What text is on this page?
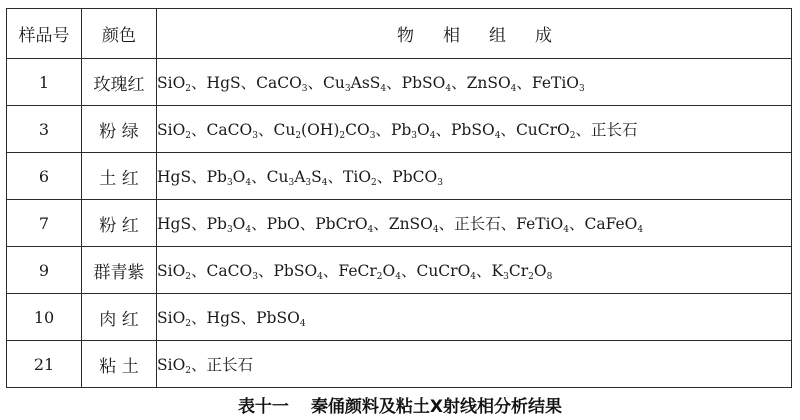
样品号	颜色	物 相 组 成
1	玫瑰红	SiO$_2$、HgS、CaCO$_3$、$Cu_3AsS_4$、PbSO$_4$、ZnSO$_4$、FeTiO$_3$
3	粉 绿	SiO$_2$、CaCO$_3$、$Cu_2(OH)_2CO_3$、$Pb_3O_4$、PbSO$_4$、CuCrO$_2$、正长石
6	土 红	HgS、$Pb_3O_4$、$Cu_3A_3S_4$、TiO$_2$、PbCO$_3$
7	粉 红	HgS、$Pb_3O_4$、PbO、PbCrO$_4$、ZnSO$_4$、正长石、FeTiO$_4$、CaFeO$_4$
9	群青紫	SiO$_2$、CaCO$_3$、PbSO$_4$、$FeCr_2O_4$、CuCrO$_4$、$K_3Cr_2O_8$
10	肉 红	SiO$_2$、HgS、PbSO$_4$
21	粘 土	SiO$_2$、正长石
表十一 秦俑颜料及粘土X射线相分析结果
